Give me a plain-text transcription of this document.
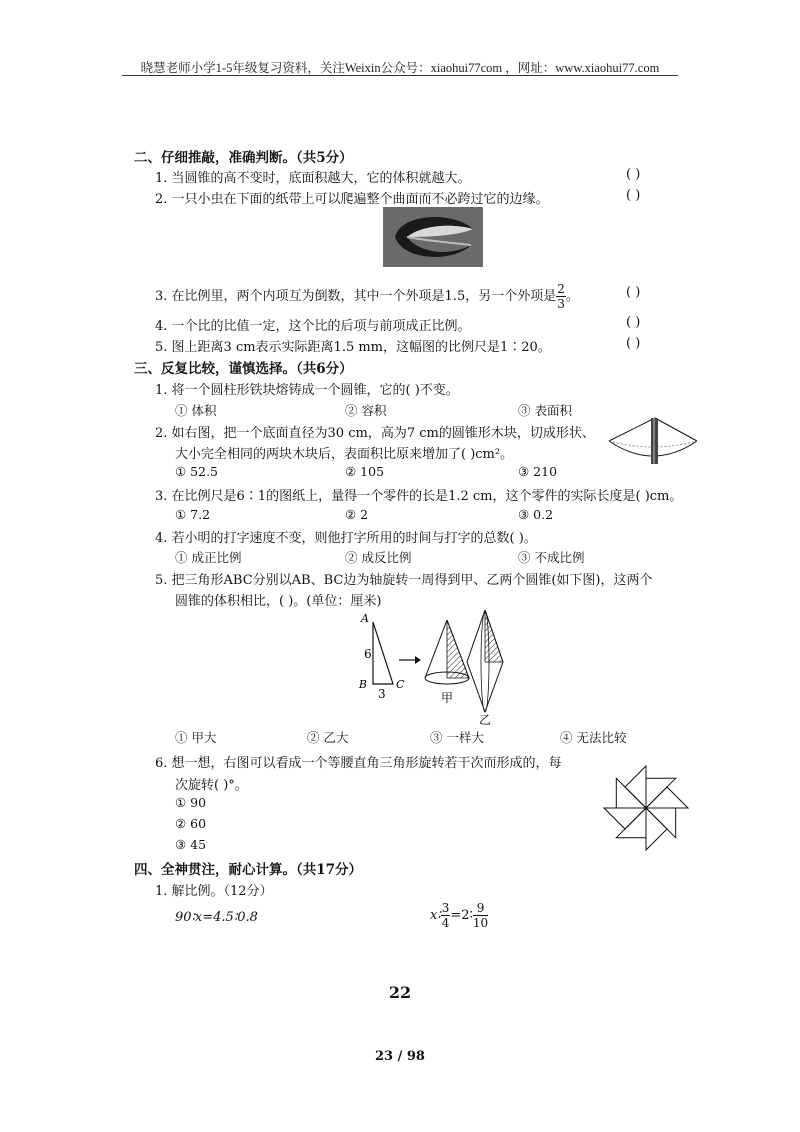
晓慧老师小学1-5年级复习资料，关注Weixin公众号：xiaohui77com ，网址：www.xiaohui77.com
二、仔细推敲，准确判断。（共5分）
1. 当圆锥的高不变时，底面积越大，它的体积就越大。	( )
2. 一只小虫在下面的纸带上可以爬遍整个曲面而不必跨过它的边缘。	( )
3. 在比例里，两个内项互为倒数，其中一个外项是1.5，另一个外项是 $\frac{2}{3}$ 。	( )
4. 一个比的比值一定，这个比的后项与前项成正比例。	( )
5. 图上距离3 cm表示实际距离1.5 mm，这幅图的比例尺是1∶20。	( )
三、反复比较，谨慎选择。（共6分）
1. 将一个圆柱形铁块熔铸成一个圆锥，它的( )不变。
① 体积	② 容积	③ 表面积
2. 如右图，把一个底面直径为30 cm，高为7 cm的圆锥形木块，切成形状、
大小完全相同的两块木块后，表面积比原来增加了( )cm²。
① 52.5	② 105	③ 210
3. 在比例尺是6∶1的图纸上，量得一个零件的长是1.2 cm，这个零件的实际长度是( )cm。
① 7.2	② 2	③ 0.2
4. 若小明的打字速度不变，则他打字所用的时间与打字的总数( )。
① 成正比例	② 成反比例	③ 不成比例
5. 把三角形ABC分别以AB、BC边为轴旋转一周得到甲、乙两个圆锥(如下图)，这两个
圆锥的体积相比，( )。(单位：厘米)
A
B	C
6
3	甲
乙
① 甲大	② 乙大	③ 一样大	④ 无法比较
6. 想一想，右图可以看成一个等腰直角三角形旋转若干次而形成的，每
次旋转( )°。
① 90
② 60
③ 45
四、全神贯注，耐心计算。（共17分）
1. 解比例。（12分）
90∶x=4.5∶0.8	x∶ $\frac{3}{4}$ =2∶ $\frac{9}{10}$
22
23 / 98
